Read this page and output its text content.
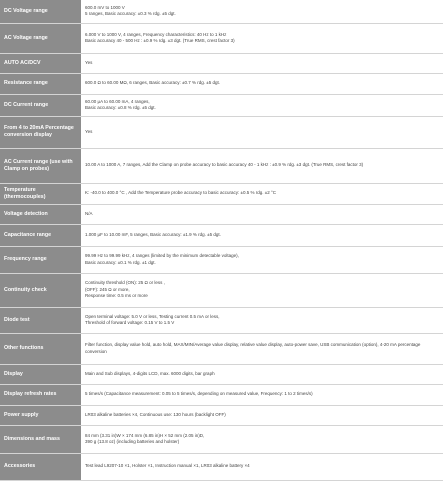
DC Voltage range	600.0 mV to 1000 V
5 ranges, Basic accuracy: ±0.3 % rdg. ±5 dgt.

AC Voltage range	6.000 V to 1000 V, 4 ranges, Frequency characteristics: 40 Hz to 1 kHz
Basic accuracy 40 - 500 Hz : ±0.9 % rdg. ±3 dgt. (True RMS, crest factor 3)

AUTO AC/DCV	Yes

Resistance range	600.0 Ω to 60.00 MΩ, 6 ranges, Basic accuracy: ±0.7 % rdg. ±5 dgt.

DC Current range	60.00 μA to 60.00 mA, 4 ranges,
Basic accuracy: ±0.8 % rdg. ±5 dgt.

From 4 to 20mA Percentage conversion display	Yes

AC Current range (use with Clamp on probes)	10.00 A to 1000 A, 7 ranges, Add the Clamp on probe accuracy to basic accuracy 40 - 1 kHz : ±0.9 % rdg. ±3 dgt. (True RMS, crest factor 3)

Temperature (thermocouples)	K: -40.0 to 400.0 °C , Add the Temperature probe accuracy to basic accuracy: ±0.5 % rdg. ±2 °C

Voltage detection	N/A

Capacitance range	1.000 μF to 10.00 mF, 5 ranges, Basic accuracy: ±1.9 % rdg. ±5 dgt.

Frequency range	99.99 Hz to 99.99 kHz, 4 ranges (limited by the minimum detectable voltage),
Basic accuracy: ±0.1 % rdg. ±1 dgt.

Continuity check	Continuity threshold (ON): 25 Ω or less ,
(OFF): 245 Ω or more,
Response time: 0.5 ms or more

Diode test	Open terminal voltage: 5.0 V or less, Testing current 0.5 mA or less,
Threshold of forward voltage: 0.15 V to 1.5 V

Other functions	Filter function, display value hold, auto hold, MAX/MIN/Average value display, relative value display, auto-power save, USB communication (option), 4-20 mA percentage conversion

Display	Main and Sub displays, 4-digits LCD, max. 6000 digits, bar graph

Display refresh rates	5 times/s (Capacitance measurement: 0.05 to 5 times/s, depending on measured value, Frequency: 1 to 2 times/s)

Power supply	LR03 alkaline batteries ×4, Continuous use: 130 hours (backlight OFF)

Dimensions and mass	84 mm (3.31 in)W × 174 mm (6.85 in)H × 52 mm (2.05 in)D,
390 g (13.8 oz) (including batteries and holster)

Accessories	Test lead L9207-10 ×1, Holster ×1, Instruction manual ×1, LR03 alkaline battery ×4
